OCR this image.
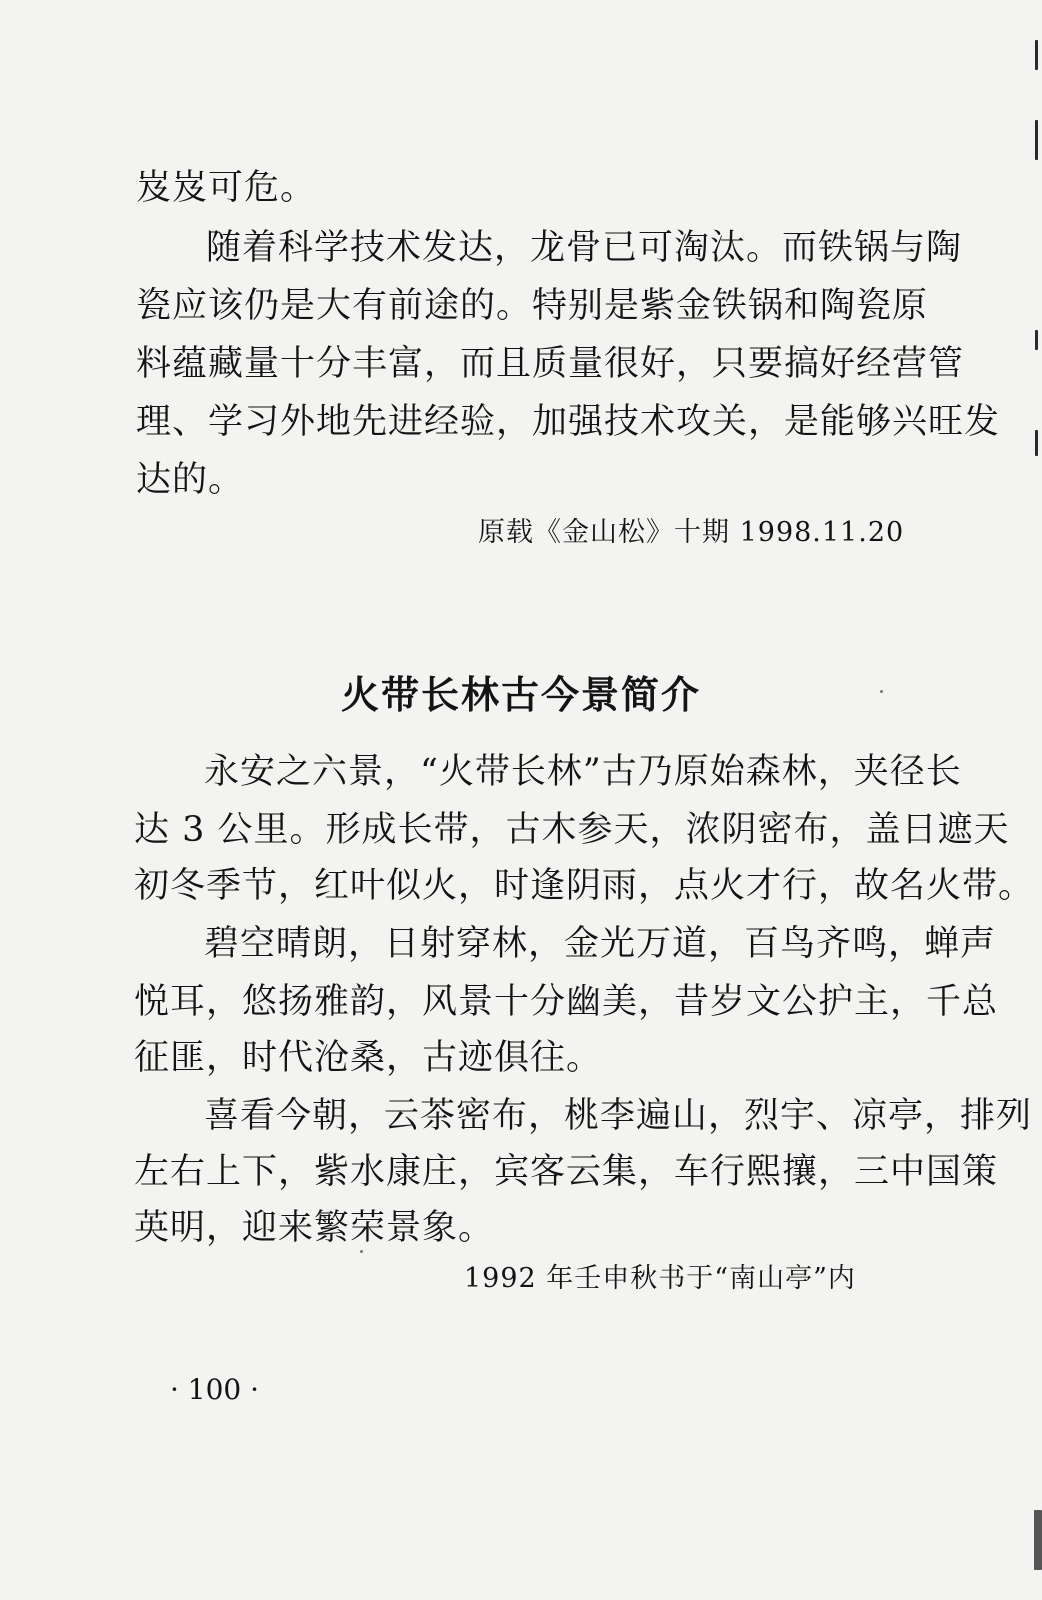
岌岌可危。
随着科学技术发达，龙骨已可淘汰。而铁锅与陶
瓷应该仍是大有前途的。特别是紫金铁锅和陶瓷原
料蕴藏量十分丰富，而且质量很好，只要搞好经营管
理、学习外地先进经验，加强技术攻关，是能够兴旺发
达的。
原载《金山松》十期 1998.11.20
火带长林古今景简介
永安之六景，“火带长林”古乃原始森林，夹径长
达 3 公里。形成长带，古木参天，浓阴密布，盖日遮天
初冬季节，红叶似火，时逢阴雨，点火才行，故名火带。
碧空晴朗，日射穿林，金光万道，百鸟齐鸣，蝉声
悦耳，悠扬雅韵，风景十分幽美，昔岁文公护主，千总
征匪，时代沧桑，古迹俱往。
喜看今朝，云茶密布，桃李遍山，烈宇、凉亭，排列
左右上下，紫水康庄，宾客云集，车行熙攘，三中国策
英明，迎来繁荣景象。
1992 年壬申秋书于“南山亭”内
· 100 ·
